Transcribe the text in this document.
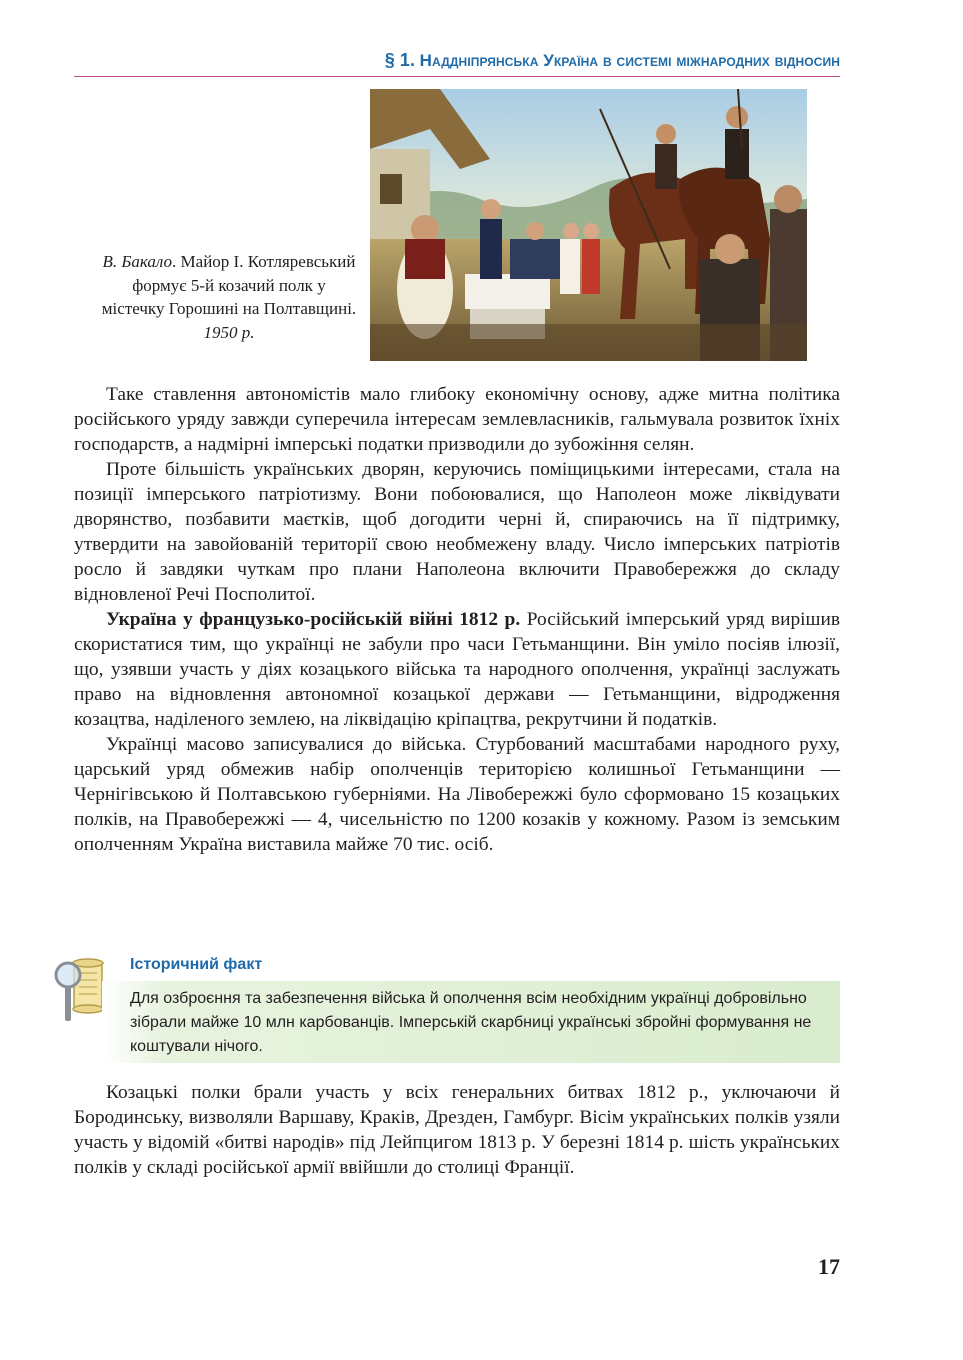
§ 1. Наддніпрянська Україна в системі міжнародних відносин
В. Бакало. Майор І. Котляревський формує 5-й козачий полк у містечку Горошині на Полтавщині.
1950 р.

Таке ставлення автономістів мало глибоку економічну основу, адже митна політика російського уряду завжди суперечила інтересам землевласників, гальмувала розвиток їхніх господарств, а надмірні імперські податки призводили до зубожіння селян.

Проте більшість українських дворян, керуючись поміщицькими інтересами, стала на позиції імперського патріотизму. Вони побоювалися, що Наполеон може ліквідувати дворянство, позбавити маєтків, щоб догодити черні й, спираючись на її підтримку, утвердити на завойованій території свою необмежену владу. Число імперських патріотів росло й завдяки чуткам про плани Наполеона включити Правобережжя до складу відновленої Речі Посполитої.

Україна у французько-російській війні 1812 р. Російський імперський уряд вирішив скористатися тим, що українці не забули про часи Гетьманщини. Він уміло посіяв ілюзії, що, узявши участь у діях козацького війська та народного ополчення, українці заслужать право на відновлення автономної козацької держави — Гетьманщини, відродження козацтва, наділеного землею, на ліквідацію кріпацтва, рекрутчини й податків.

Українці масово записувалися до війська. Стурбований масштабами народного руху, царський уряд обмежив набір ополченців територією колишньої Гетьманщини — Чернігівською й Полтавською губерніями. На Лівобережжі було сформовано 15 козацьких полків, на Правобережжі — 4, чисельністю по 1200 козаків у кожному. Разом із земським ополченням Україна виставила майже 70 тис. осіб.

Історичний факт
Для озброєння та забезпечення війська й ополчення всім необхідним українці добровільно зібрали майже 10 млн карбованців. Імперській скарбниці українські збройні формування не коштували нічого.

Козацькі полки брали участь у всіх генеральних битвах 1812 р., уключаючи й Бородинську, визволяли Варшаву, Краків, Дрезден, Гамбург. Вісім українських полків узяли участь у відомій «битві народів» під Лейпцигом 1813 р. У березні 1814 р. шість українських полків у складі російської армії ввійшли до столиці Франції.

17
